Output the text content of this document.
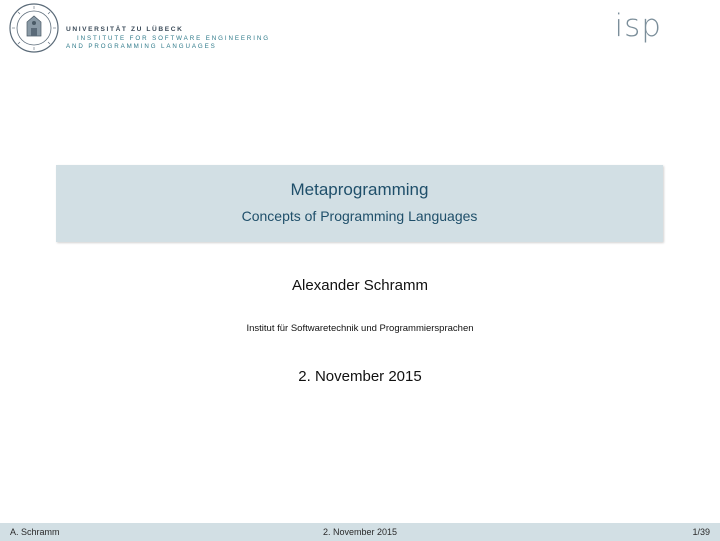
UNIVERSITÄT ZU LÜBECK
INSTITUTE FOR SOFTWARE ENGINEERING
AND PROGRAMMING LANGUAGES
isp
Metaprogramming
Concepts of Programming Languages
Alexander Schramm
Institut für Softwaretechnik und Programmiersprachen
2. November 2015
A. Schramm	2. November 2015	1/39
